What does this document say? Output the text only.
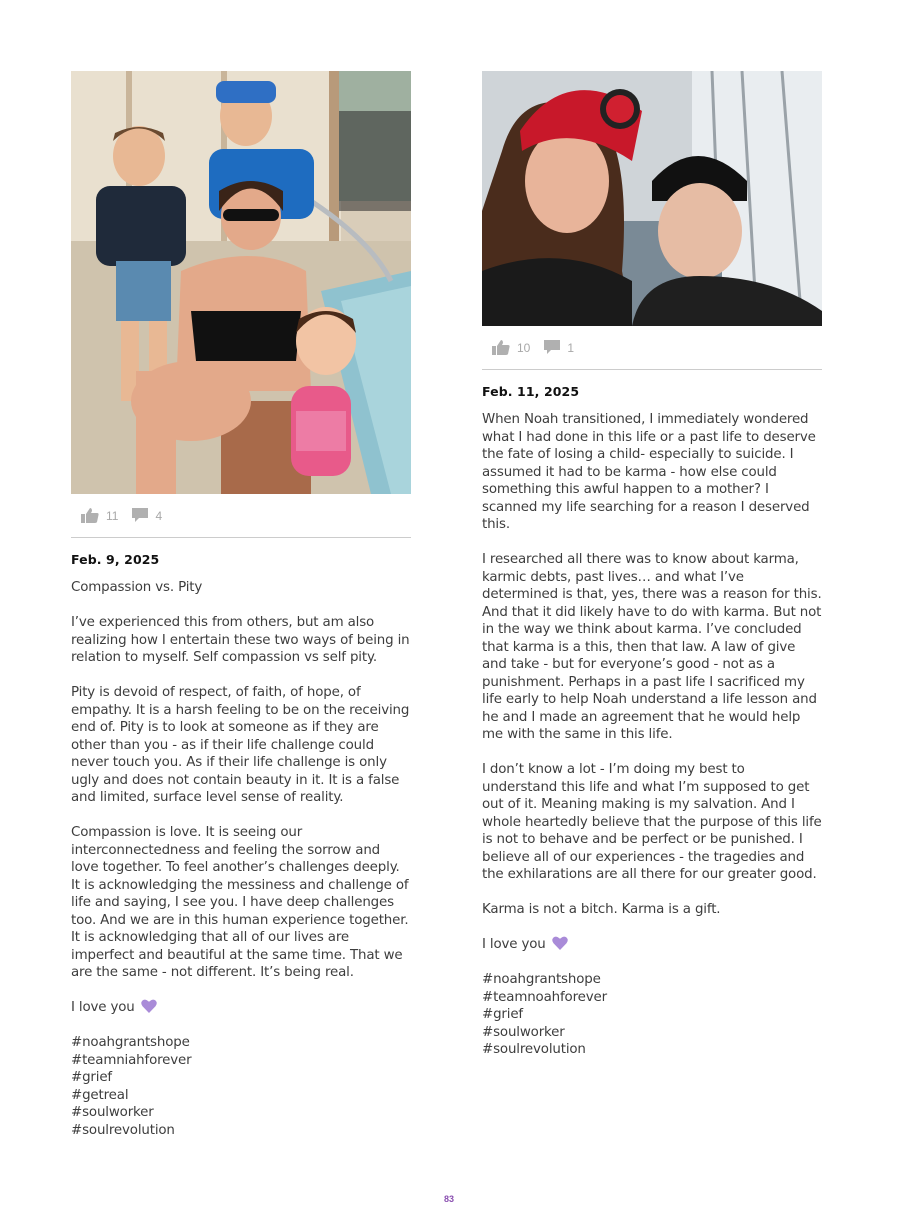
11	4
Feb. 9, 2025

Compassion vs. Pity

I’ve experienced this from others, but am also realizing how I entertain these two ways of being in relation to myself. Self compassion vs self pity.

Pity is devoid of respect, of faith, of hope, of empathy. It is a harsh feeling to be on the receiving end of. Pity is to look at someone as if they are other than you - as if their life challenge could never touch you. As if their life challenge is only ugly and does not contain beauty in it. It is a false and limited, surface level sense of reality.

Compassion is love. It is seeing our interconnectedness and feeling the sorrow and love together. To feel another’s challenges deeply. It is acknowledging the messiness and challenge of life and saying, I see you. I have deep challenges too. And we are in this human experience together. It is acknowledging that all of our lives are imperfect and beautiful at the same time. That we are the same - not different. It’s being real.

I love you

#noahgrantshope
#teamniahforever
#grief
#getreal
#soulworker
#soulrevolution
10	1
Feb. 11, 2025

When Noah transitioned, I immediately wondered what I had done in this life or a past life to deserve the fate of losing a child- especially to suicide. I assumed it had to be karma - how else could something this awful happen to a mother? I scanned my life searching for a reason I deserved this.

I researched all there was to know about karma, karmic debts, past lives… and what I’ve determined is that, yes, there was a reason for this. And that it did likely have to do with karma. But not in the way we think about karma. I’ve concluded that karma is a this, then that law. A law of give and take - but for everyone’s good - not as a punishment. Perhaps in a past life I sacrificed my life early to help Noah understand a life lesson and he and I made an agreement that he would help me with the same in this life.

I don’t know a lot - I’m doing my best to understand this life and what I’m supposed to get out of it. Meaning making is my salvation. And I whole heartedly believe that the purpose of this life is not to behave and be perfect or be punished. I believe all of our experiences - the tragedies and the exhilarations are all there for our greater good.

Karma is not a bitch. Karma is a gift.

I love you

#noahgrantshope
#teamnoahforever
#grief
#soulworker
#soulrevolution
83
